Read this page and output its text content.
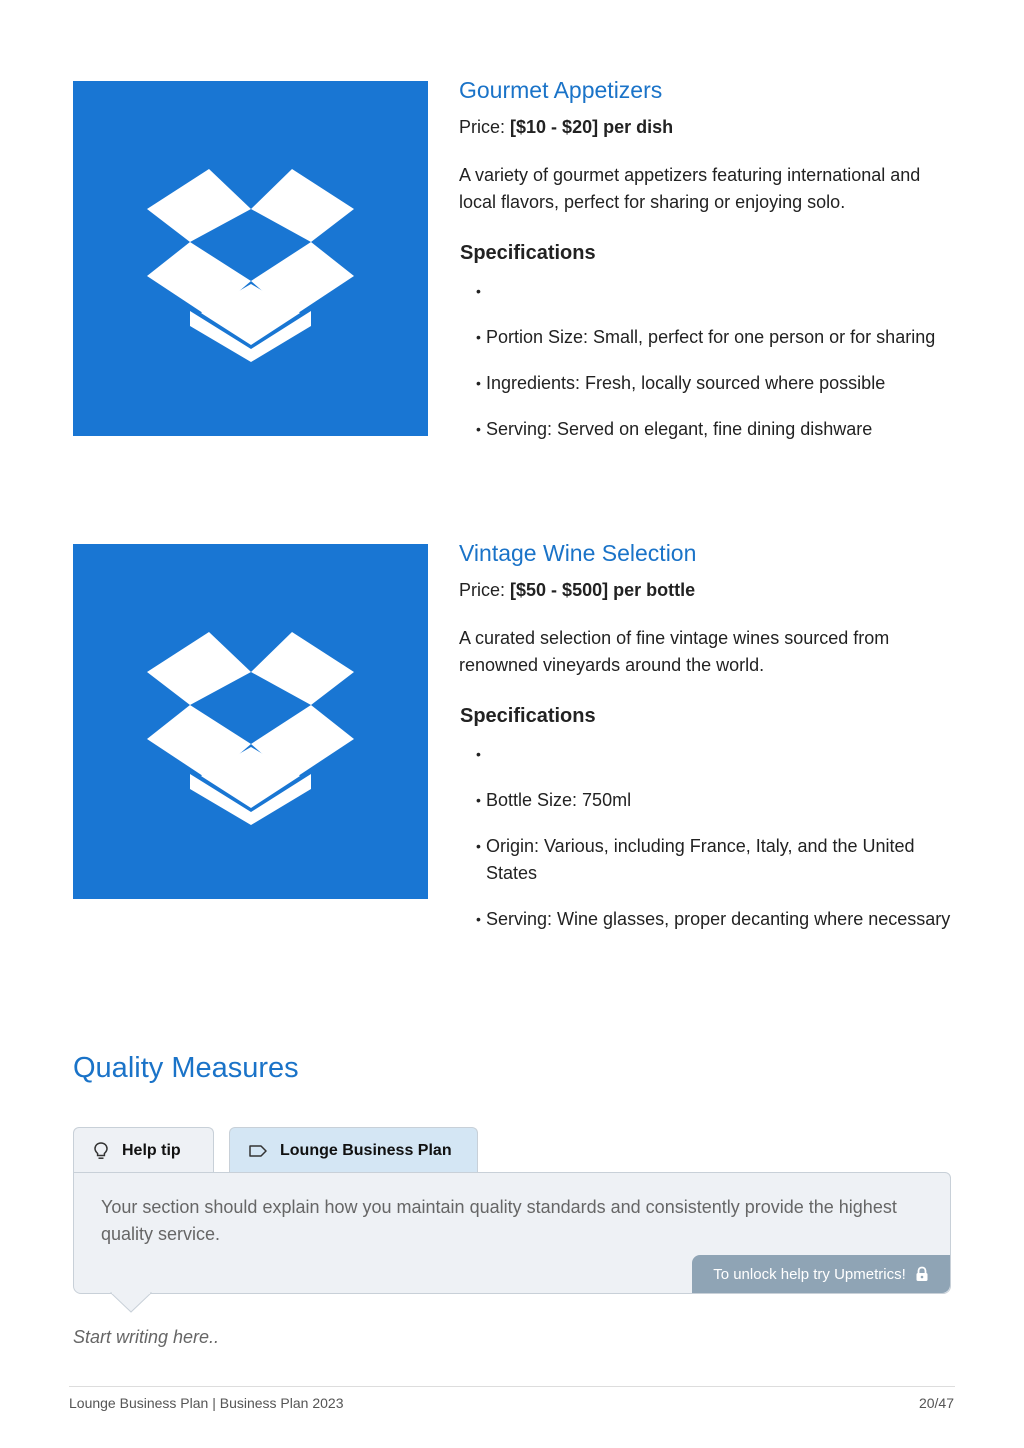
Gourmet Appetizers
Price: [$10 - $20] per dish
A variety of gourmet appetizers featuring international and local flavors, perfect for sharing or enjoying solo.
Specifications
•
• Portion Size: Small, perfect for one person or for sharing
• Ingredients: Fresh, locally sourced where possible
• Serving: Served on elegant, fine dining dishware
Vintage Wine Selection
Price: [$50 - $500] per bottle
A curated selection of fine vintage wines sourced from renowned vineyards around the world.
Specifications
•
• Bottle Size: 750ml
• Origin: Various, including France, Italy, and the United States
• Serving: Wine glasses, proper decanting where necessary
Quality Measures
Help tip	Lounge Business Plan
Your section should explain how you maintain quality standards and consistently provide the highest quality service.
To unlock help try Upmetrics!
Start writing here..
Lounge Business Plan | Business Plan 2023	20/47
